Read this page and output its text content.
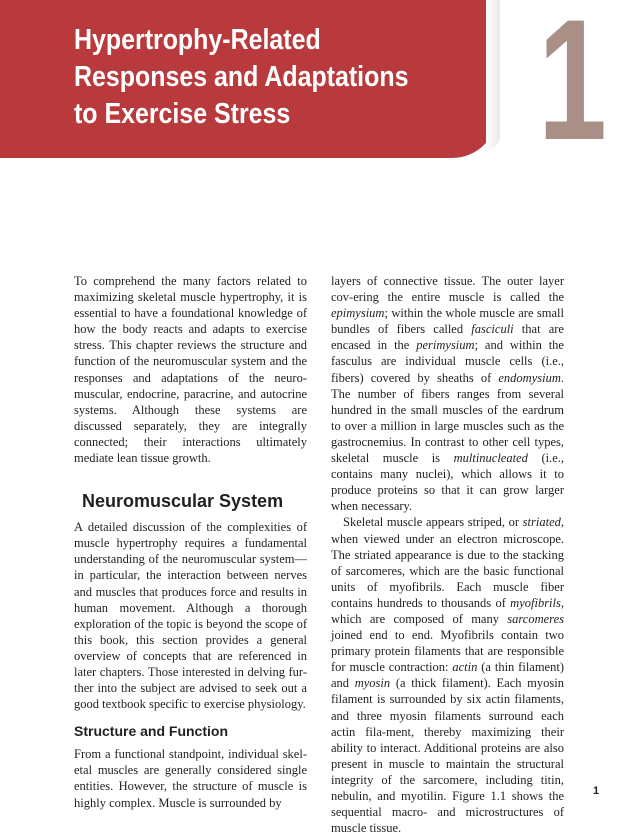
Hypertrophy-Related
Responses and Adaptations
to Exercise Stress	1

To comprehend the many factors related to maximizing skeletal muscle hypertrophy, it is essential to have a foundational knowledge of how the body reacts and adapts to exercise stress. This chapter reviews the structure and function of the neuromuscular system and the responses and adaptations of the neuro-muscular, endocrine, paracrine, and autocrine systems. Although these systems are discussed separately, they are integrally connected; their interactions ultimately mediate lean tissue growth.

Neuromuscular System

A detailed discussion of the complexities of muscle hypertrophy requires a fundamental understanding of the neuromuscular system—in particular, the interaction between nerves and muscles that produces force and results in human movement. Although a thorough exploration of the topic is beyond the scope of this book, this section provides a general overview of concepts that are referenced in later chapters. Those interested in delving fur-ther into the subject are advised to seek out a good textbook specific to exercise physiology.

Structure and Function

From a functional standpoint, individual skel-etal muscles are generally considered single entities. However, the structure of muscle is highly complex. Muscle is surrounded by

layers of connective tissue. The outer layer cov-ering the entire muscle is called the epimysium; within the whole muscle are small bundles of fibers called fasciculi that are encased in the perimysium; and within the fasculus are individual muscle cells (i.e., fibers) covered by sheaths of endomysium. The number of fibers ranges from several hundred in the small muscles of the eardrum to over a million in large muscles such as the gastrocnemius. In contrast to other cell types, skeletal muscle is multinucleated (i.e., contains many nuclei), which allows it to produce proteins so that it can grow larger when necessary.

Skeletal muscle appears striped, or striated, when viewed under an electron microscope. The striated appearance is due to the stacking of sarcomeres, which are the basic functional units of myofibrils. Each muscle fiber contains hundreds to thousands of myofibrils, which are composed of many sarcomeres joined end to end. Myofibrils contain two primary protein filaments that are responsible for muscle contraction: actin (a thin filament) and myosin (a thick filament). Each myosin filament is surrounded by six actin filaments, and three myosin filaments surround each actin fila-ment, thereby maximizing their ability to interact. Additional proteins are also present in muscle to maintain the structural integrity of the sarcomere, including titin, nebulin, and myotilin. Figure 1.1 shows the sequential macro- and microstructures of muscle tissue.

1
